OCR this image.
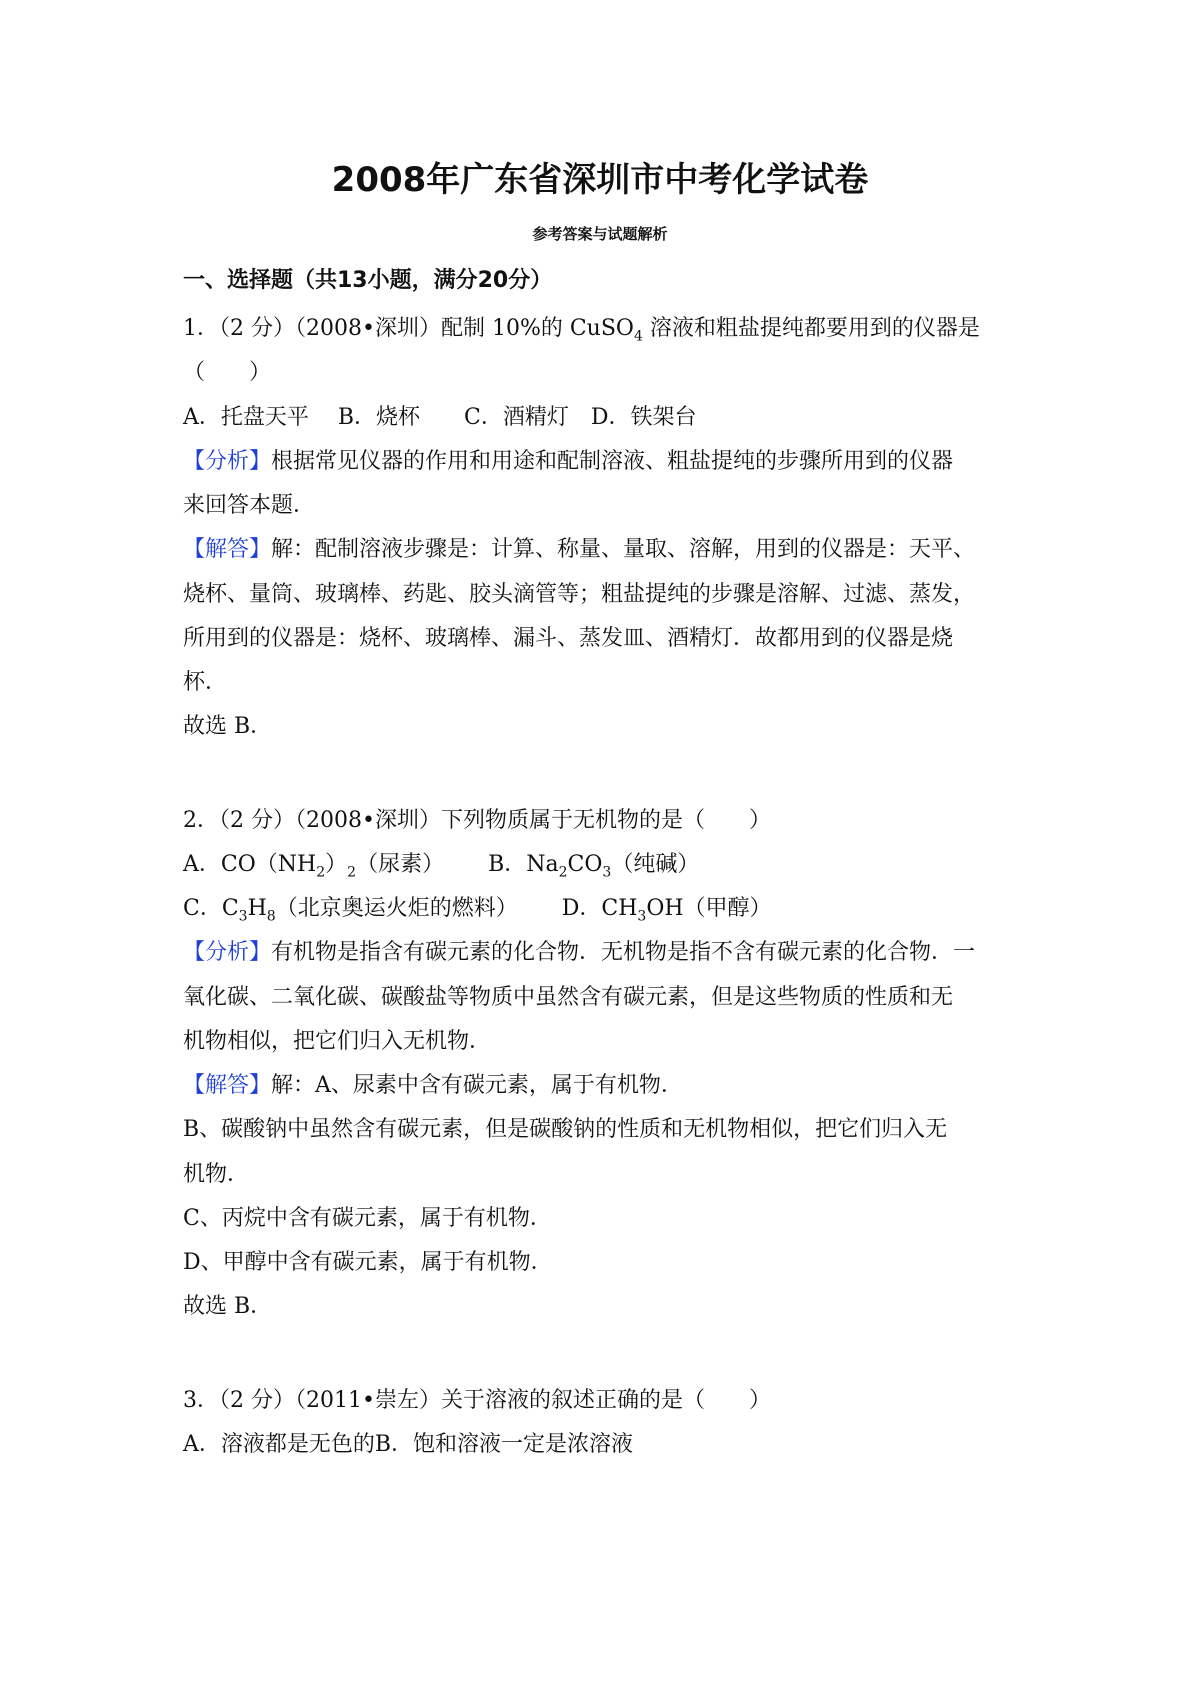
2008年广东省深圳市中考化学试卷
参考答案与试题解析
一、选择题（共13小题，满分20分）
1．（2 分）（2008•深圳）配制 10%的 CuSO$_4$ 溶液和粗盐提纯都要用到的仪器是
（　　）
A．托盘天平　 B．烧杯　　C．酒精灯　D．铁架台
【分析】根据常见仪器的作用和用途和配制溶液、粗盐提纯的步骤所用到的仪器
来回答本题．
【解答】解：配制溶液步骤是：计算、称量、量取、溶解，用到的仪器是：天平、
烧杯、量筒、玻璃棒、药匙、胶头滴管等；粗盐提纯的步骤是溶解、过滤、蒸发，
所用到的仪器是：烧杯、玻璃棒、漏斗、蒸发皿、酒精灯．故都用到的仪器是烧
杯．
故选 B．
2．（2 分）（2008•深圳）下列物质属于无机物的是（　　）
A．$CO(NH_2)_2$（尿素） B．$Na_2CO_3$（纯碱）
C．$C_3H_8$（北京奥运火炬的燃料） D．$CH_3OH$（甲醇）
【分析】有机物是指含有碳元素的化合物．无机物是指不含有碳元素的化合物．一
氧化碳、二氧化碳、碳酸盐等物质中虽然含有碳元素，但是这些物质的性质和无
机物相似，把它们归入无机物．
【解答】解：A、尿素中含有碳元素，属于有机物．
B、碳酸钠中虽然含有碳元素，但是碳酸钠的性质和无机物相似，把它们归入无
机物．
C、丙烷中含有碳元素，属于有机物．
D、甲醇中含有碳元素，属于有机物．
故选 B．
3．（2 分）（2011•崇左）关于溶液的叙述正确的是（　　）
A．溶液都是无色的B．饱和溶液一定是浓溶液
